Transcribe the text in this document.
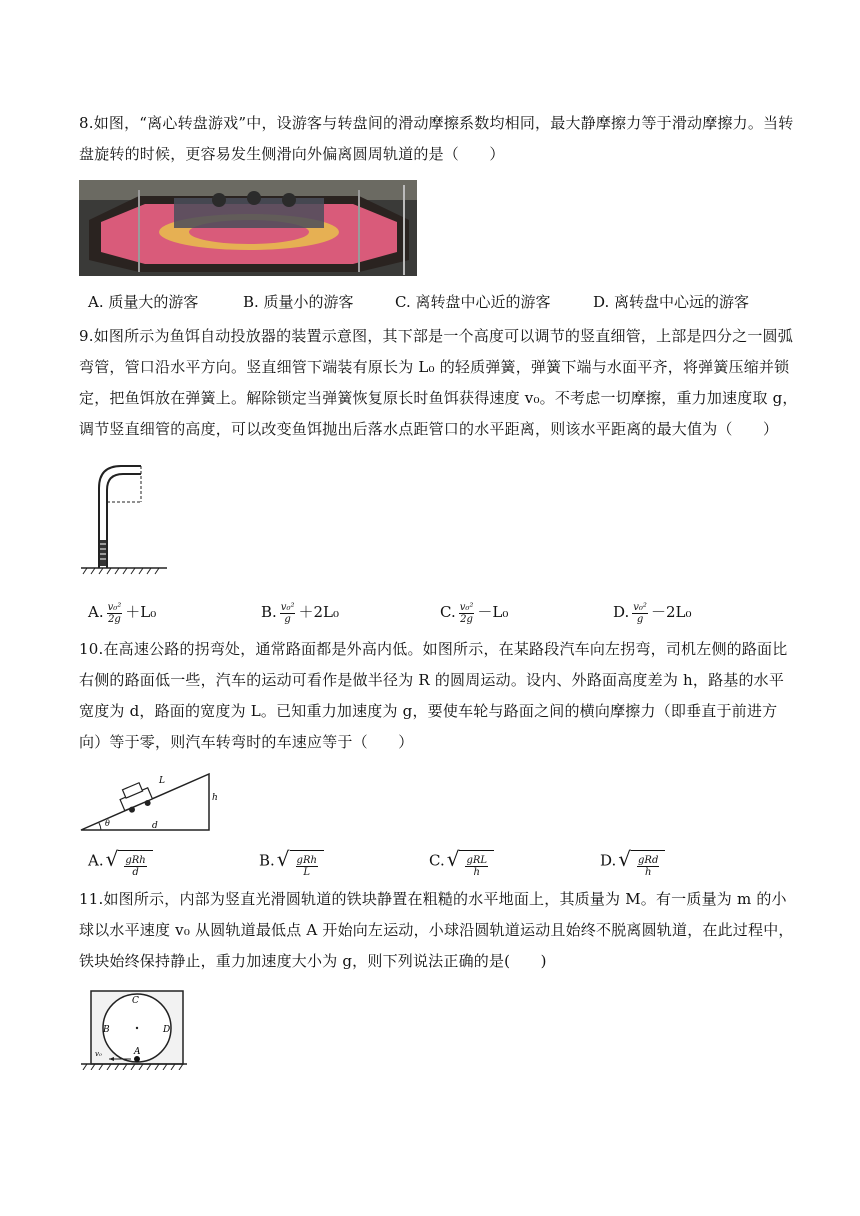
8.如图，“离心转盘游戏”中，设游客与转盘间的滑动摩擦系数均相同，最大静摩擦力等于滑动摩擦力。当转盘旋转的时候，更容易发生侧滑向外偏离圆周轨道的是（　　）

A. 质量大的游客	B. 质量小的游客	C. 离转盘中心近的游客	D. 离转盘中心远的游客

9.如图所示为鱼饵自动投放器的装置示意图，其下部是一个高度可以调节的竖直细管，上部是四分之一圆弧弯管，管口沿水平方向。竖直细管下端装有原长为 L₀ 的轻质弹簧，弹簧下端与水面平齐，将弹簧压缩并锁定，把鱼饵放在弹簧上。解除锁定当弹簧恢复原长时鱼饵获得速度 v₀。不考虑一切摩擦，重力加速度取 g，调节竖直细管的高度，可以改变鱼饵抛出后落水点距管口的水平距离，则该水平距离的最大值为（　　）

A. $\frac{\text{v₀²}}{2g} +L_0$	B. $\frac{\text{v₀²}}{g} +2L_0$	C. $\frac{\text{v₀²}}{2g} -L_0$	D. $\frac{\text{v₀²}}{g} -2L_0$

10.在高速公路的拐弯处，通常路面都是外高内低。如图所示，在某路段汽车向左拐弯，司机左侧的路面比右侧的路面低一些，汽车的运动可看作是做半径为 R 的圆周运动。设内、外路面高度差为 h，路基的水平宽度为 d，路面的宽度为 L。已知重力加速度为 g，要使车轮与路面之间的横向摩擦力（即垂直于前进方向）等于零，则汽车转弯时的车速应等于（　　）

L
h
d
θ
A. √ $\frac{\text{gRh}}{d}$	B. √ $\frac{\text{gRh}}{L}$	C. √ $\frac{\text{gRL}}{h}$	D. √ $\frac{\text{gRd}}{h}$

11.如图所示，内部为竖直光滑圆轨道的铁块静置在粗糙的水平地面上，其质量为 M。有一质量为 m 的小球以水平速度 v₀ 从圆轨道最低点 A 开始向左运动，小球沿圆轨道运动且始终不脱离圆轨道，在此过程中，铁块始终保持静止，重力加速度大小为 g，则下列说法正确的是(　　)

C
B	D
A
v₀
